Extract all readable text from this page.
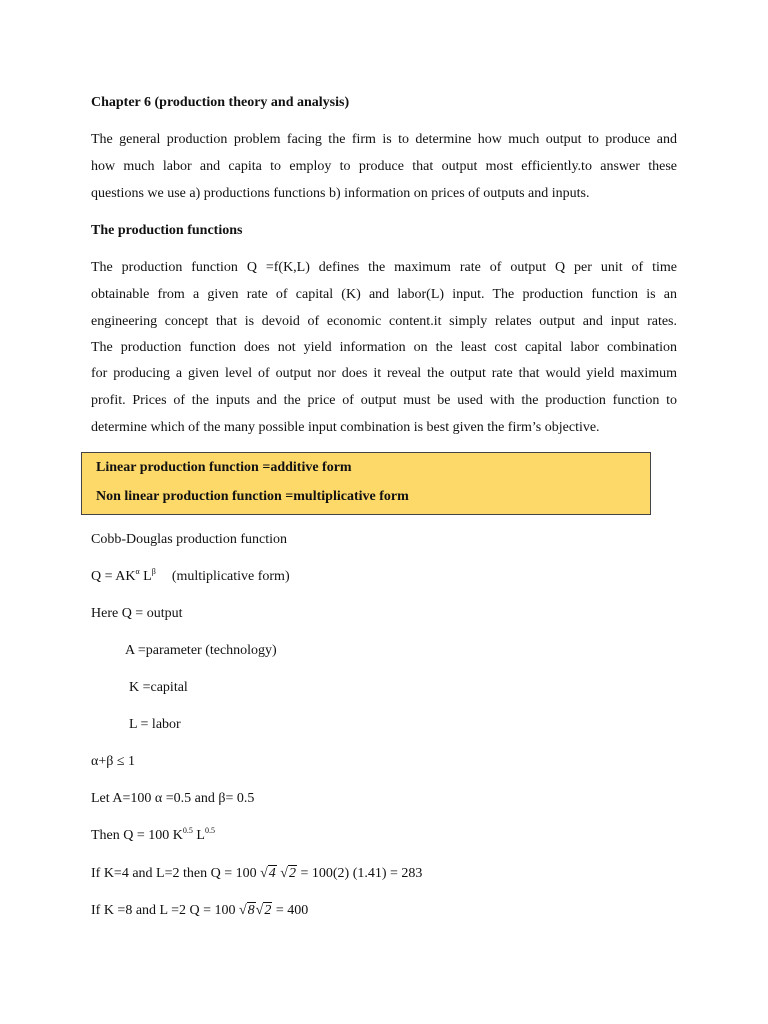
Chapter 6 (production theory and analysis)
The general production problem facing the firm is to determine how much output to produce and
how much labor and capita to employ to produce that output most efficiently.to answer these
questions we use a) productions functions b) information on prices of outputs and inputs.
The production functions
The production function Q =f(K,L) defines the maximum rate of output Q per unit of time
obtainable from a given rate of capital (K) and labor(L) input. The production function is an
engineering concept that is devoid of economic content.it simply relates output and input rates.
The production function does not yield information on the least cost capital labor combination
for producing a given level of output nor does it reveal the output rate that would yield maximum
profit. Prices of the inputs and the price of output must be used with the production function to
determine which of the many possible input combination is best given the firm’s objective.
Linear production function =additive form
Non linear production function =multiplicative form
Cobb-Douglas production function
$Q = AK^\alpha$ $L^\beta$ (multiplicative form)
Here Q = output
A =parameter (technology)
K =capital
L = labor
α+β ≤ 1
Let A=100 α =0.5 and β= 0.5
Then Q = 100 $K^{0.5}$ $L^{0.5}$
If K=4 and L=2 then Q = 100 √4 √2 = 100(2) (1.41) = 283
If K =8 and L =2 Q = 100 √8√2 = 400
